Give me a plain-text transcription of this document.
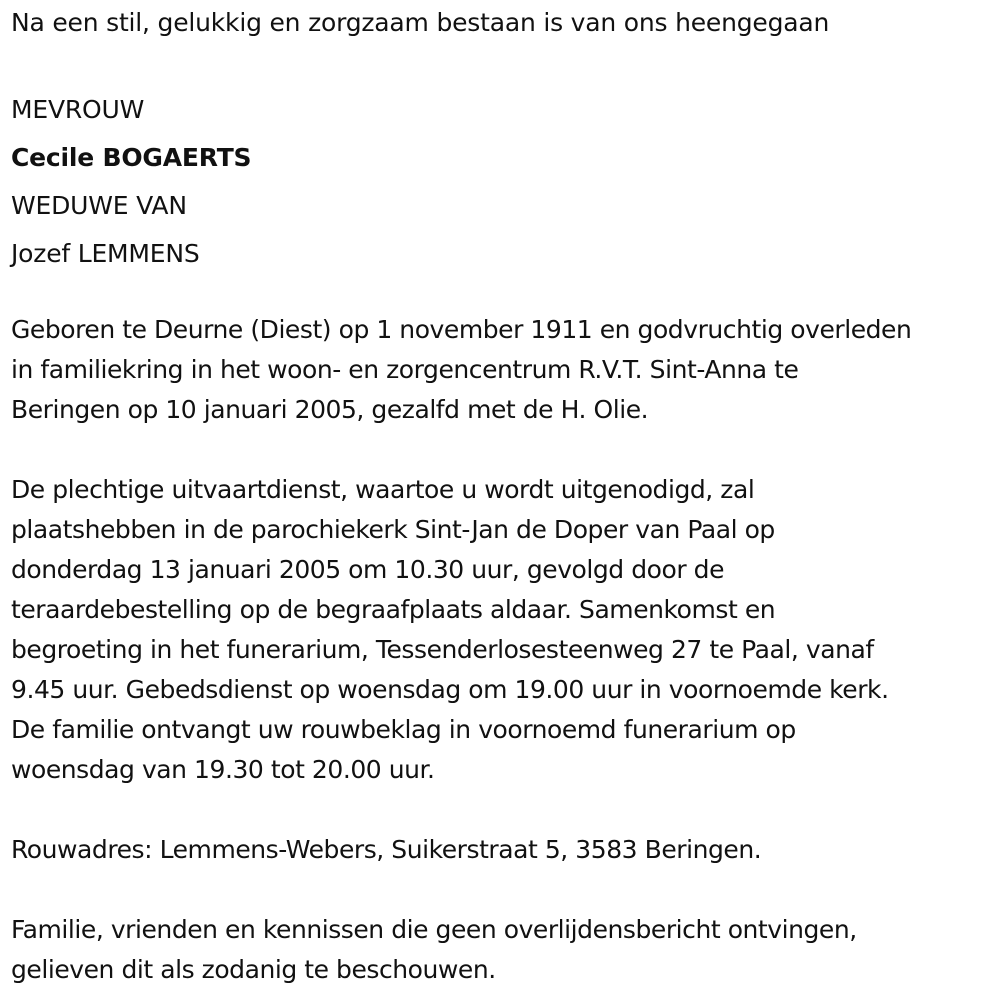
Na een stil, gelukkig en zorgzaam bestaan is van ons heengegaan
MEVROUW
Cecile BOGAERTS
WEDUWE VAN
Jozef LEMMENS
Geboren te Deurne (Diest) op 1 november 1911 en godvruchtig overleden
in familiekring in het woon- en zorgencentrum R.V.T. Sint-Anna te
Beringen op 10 januari 2005, gezalfd met de H. Olie.
De plechtige uitvaartdienst, waartoe u wordt uitgenodigd, zal
plaatshebben in de parochiekerk Sint-Jan de Doper van Paal op
donderdag 13 januari 2005 om 10.30 uur, gevolgd door de
teraardebestelling op de begraafplaats aldaar. Samenkomst en
begroeting in het funerarium, Tessenderlosesteenweg 27 te Paal, vanaf
9.45 uur. Gebedsdienst op woensdag om 19.00 uur in voornoemde kerk.
De familie ontvangt uw rouwbeklag in voornoemd funerarium op
woensdag van 19.30 tot 20.00 uur.
Rouwadres: Lemmens-Webers, Suikerstraat 5, 3583 Beringen.
Familie, vrienden en kennissen die geen overlijdensbericht ontvingen,
gelieven dit als zodanig te beschouwen.
